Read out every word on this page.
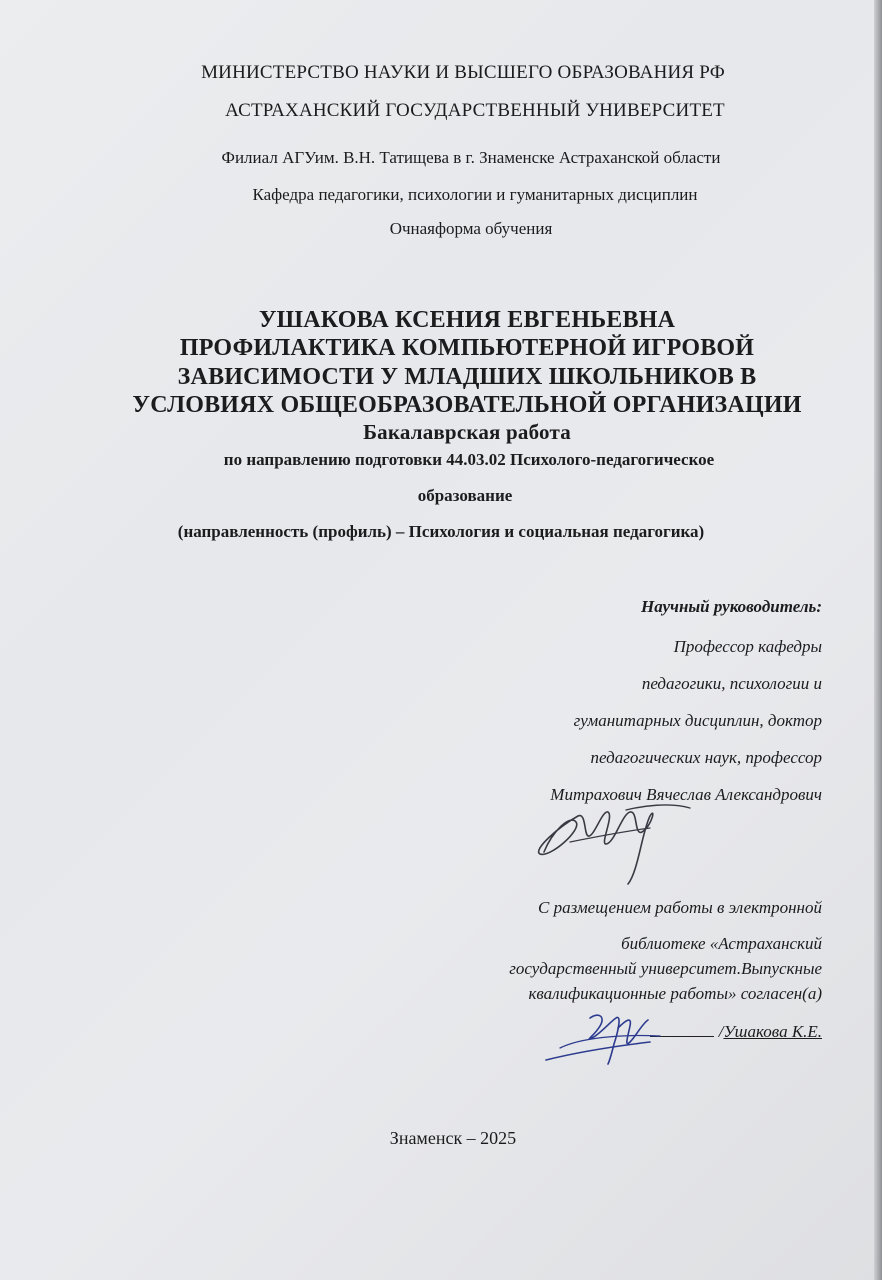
МИНИСТЕРСТВО НАУКИ И ВЫСШЕГО ОБРАЗОВАНИЯ РФ
АСТРАХАНСКИЙ ГОСУДАРСТВЕННЫЙ УНИВЕРСИТЕТ
Филиал АГУим. В.Н. Татищева в г. Знаменске Астраханской области
Кафедра педагогики, психологии и гуманитарных дисциплин
Очнаяформа обучения
УШАКОВА КСЕНИЯ ЕВГЕНЬЕВНА
ПРОФИЛАКТИКА КОМПЬЮТЕРНОЙ ИГРОВОЙ
ЗАВИСИМОСТИ У МЛАДШИХ ШКОЛЬНИКОВ В
УСЛОВИЯХ ОБЩЕОБРАЗОВАТЕЛЬНОЙ ОРГАНИЗАЦИИ
Бакалаврская работа
по направлению подготовки 44.03.02 Психолого-педагогическое
образование
(направленность (профиль) – Психология и социальная педагогика)
Научный руководитель:
Профессор кафедры
педагогики, психологии и
гуманитарных дисциплин, доктор
педагогических наук, профессор
Митрахович Вячеслав Александрович
С размещением работы в электронной
библиотеке «Астраханский
государственный университет.Выпускные
квалификационные работы» согласен(а)
/Ушакова К.Е.
Знаменск – 2025
